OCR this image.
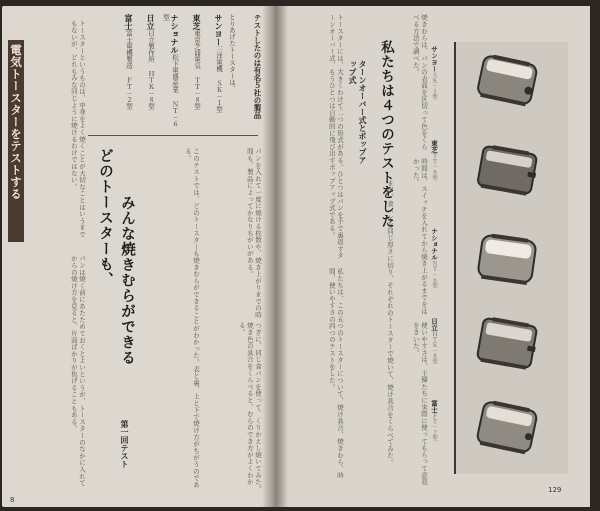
電気トースターをテストする	トースターというものは、中身をよく焼くことが大切なことはいうまでもないが、どれもみな同じように焼けるわけではない。
パンは焼く前にあたためておくとよいというが、トースターのなかに入れてからの焼け方を見ると、片面ばかりが焦げることもある。
どのトースターも、 みんな焼きむらができる
第一回テスト
テストしたのは有名５社の製品
とりあげたトースターは、
サンヨー三洋電機 ＳＫ－１型
東芝東京芝浦電気 ＴＴ－８型
ナショナル松下電器産業 ＮＴ－６型
日立日立製作所 ＨＴＫ－８型
富士富士電機製造 ＦＴ－２型
このテストでは、どのトースターも焼きむらができることがわかった。表と裏、上と下で焼け方がちがうのである。	パンを入れて一度に焼ける枚数や、焼き上がりまでの時間も、製品によってかなりちがいがある。
つぎに、同じ食パンを使って、くりかえし焼いてみた。焼き色の具合をくらべると、むらのでき方がよくわかる。
8
トースターには、大きくわけて二つの形式がある。ひとつはパンを手で裏返すターンオーバー式、もうひとつは自動的に飛び出すポップアップ式である。
私たちは、この五つのトースターについて、焼け具合、焼きむら、時間、使いやすさの四つのテストをした。
ターンオーバー式とポップアップ式	私たちは４つのテストをした
まず、食パンを同じ厚さに切り、それぞれのトースターで焼いて、焼け具合をくらべてみた。
焼きむらは、パンの表面を区切って色をくらべる方法で調べた。
時間は、スイッチを入れてから焼き上がるまでをはかった。
使いやすさは、主婦たちに実際に使ってもらって意見をきいた。
サンヨーＳＫ－１型
東芝ＴＴ－８型
ナショナルＮＴ－６型
日立ＨＴＫ－８型
富士ＦＴ－２型
129
